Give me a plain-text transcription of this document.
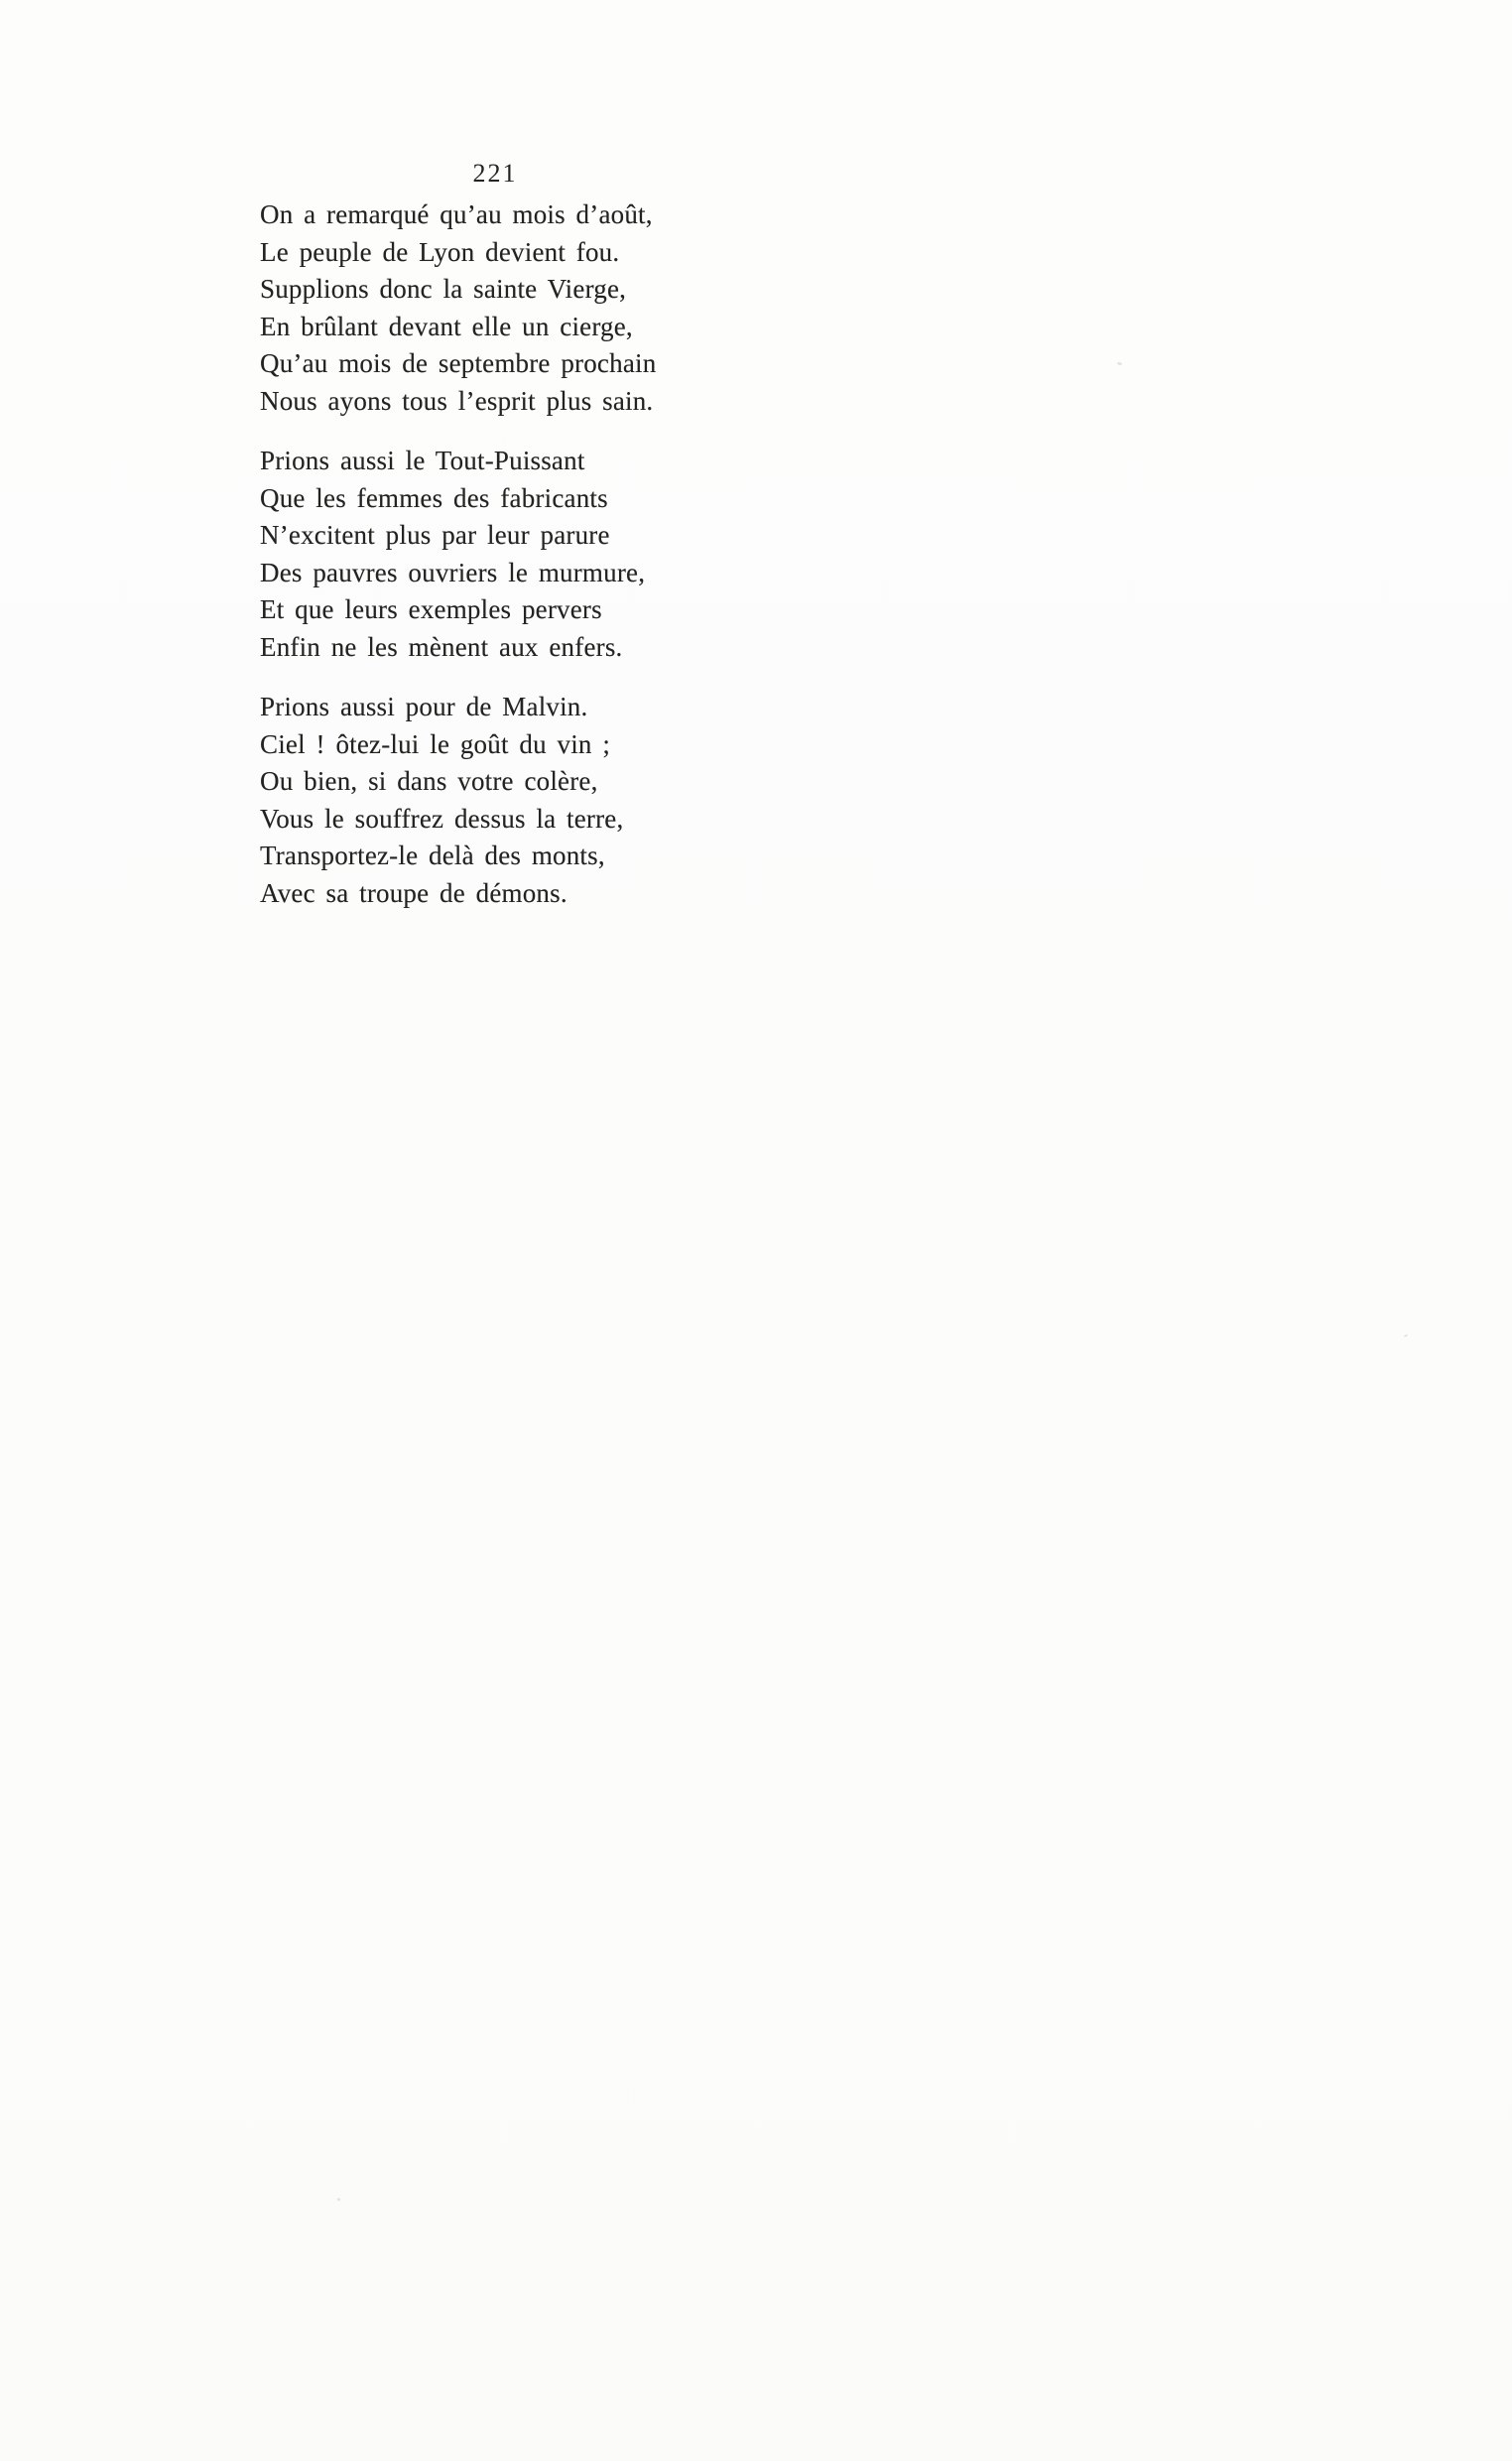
221

On a remarqué qu’au mois d’août,

Le peuple de Lyon devient fou.

Supplions donc la sainte Vierge,

En brûlant devant elle un cierge,

Qu’au mois de septembre prochain

Nous ayons tous l’esprit plus sain.

Prions aussi le Tout-Puissant

Que les femmes des fabricants

N’excitent plus par leur parure

Des pauvres ouvriers le murmure,

Et que leurs exemples pervers

Enfin ne les mènent aux enfers.

Prions aussi pour de Malvin.

Ciel ! ôtez-lui le goût du vin ;

Ou bien, si dans votre colère,

Vous le souffrez dessus la terre,

Transportez-le delà des monts,

Avec sa troupe de démons.
